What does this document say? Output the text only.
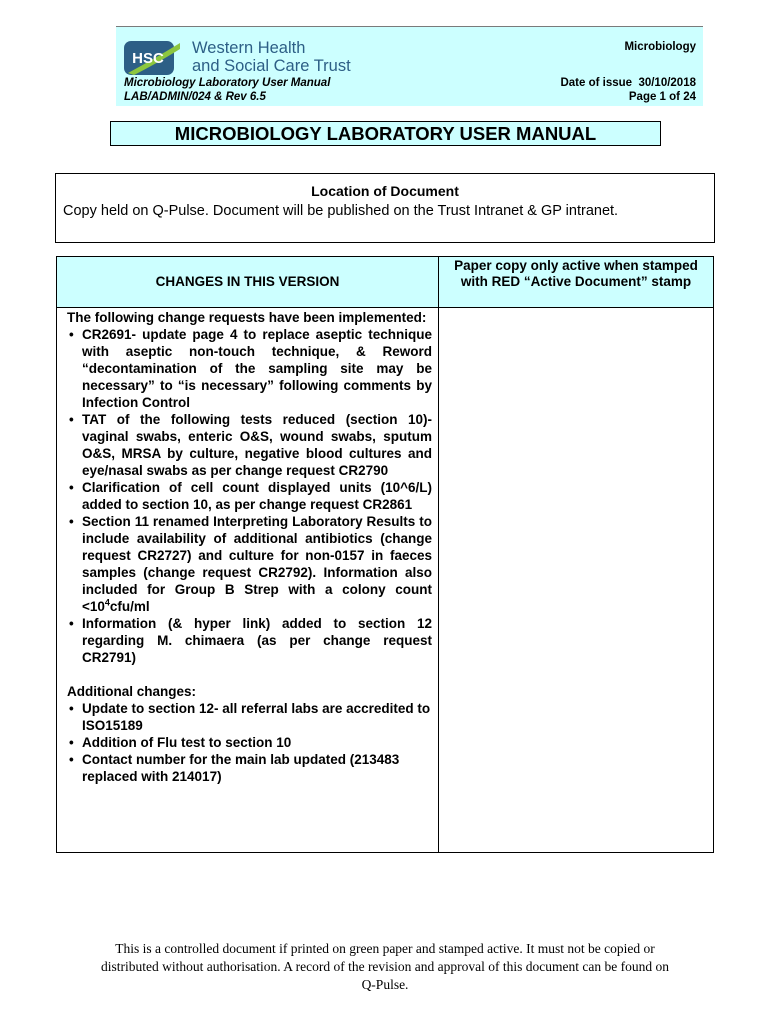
HSC
Western Health
and Social Care Trust
Microbiology
Microbiology Laboratory User Manual
LAB/ADMIN/024 & Rev 6.5
Date of issue 30/10/2018
Page 1 of 24
MICROBIOLOGY LABORATORY USER MANUAL
Location of Document
Copy held on Q-Pulse. Document will be published on the Trust Intranet & GP intranet.
CHANGES IN THIS VERSION
Paper copy only active when stamped with RED “Active Document” stamp
The following change requests have been implemented:
• CR2691- update page 4 to replace aseptic technique with aseptic non-touch technique, & Reword “decontamination of the sampling site may be necessary” to “is necessary” following comments by Infection Control
• TAT of the following tests reduced (section 10)- vaginal swabs, enteric O&S, wound swabs, sputum O&S, MRSA by culture, negative blood cultures and eye/nasal swabs as per change request CR2790
• Clarification of cell count displayed units (10^6/L) added to section 10, as per change request CR2861
• Section 11 renamed Interpreting Laboratory Results to include availability of additional antibiotics (change request CR2727) and culture for non-0157 in faeces samples (change request CR2792). Information also included for Group B Strep with a colony count $<10^4cfu/ml$
• Information (& hyper link) added to section 12 regarding M. chimaera (as per change request CR2791)
Additional changes:
• Update to section 12- all referral labs are accredited to ISO15189
• Addition of Flu test to section 10
• Contact number for the main lab updated (213483 replaced with 214017)
This is a controlled document if printed on green paper and stamped active. It must not be copied or distributed without authorisation. A record of the revision and approval of this document can be found on Q-Pulse.
